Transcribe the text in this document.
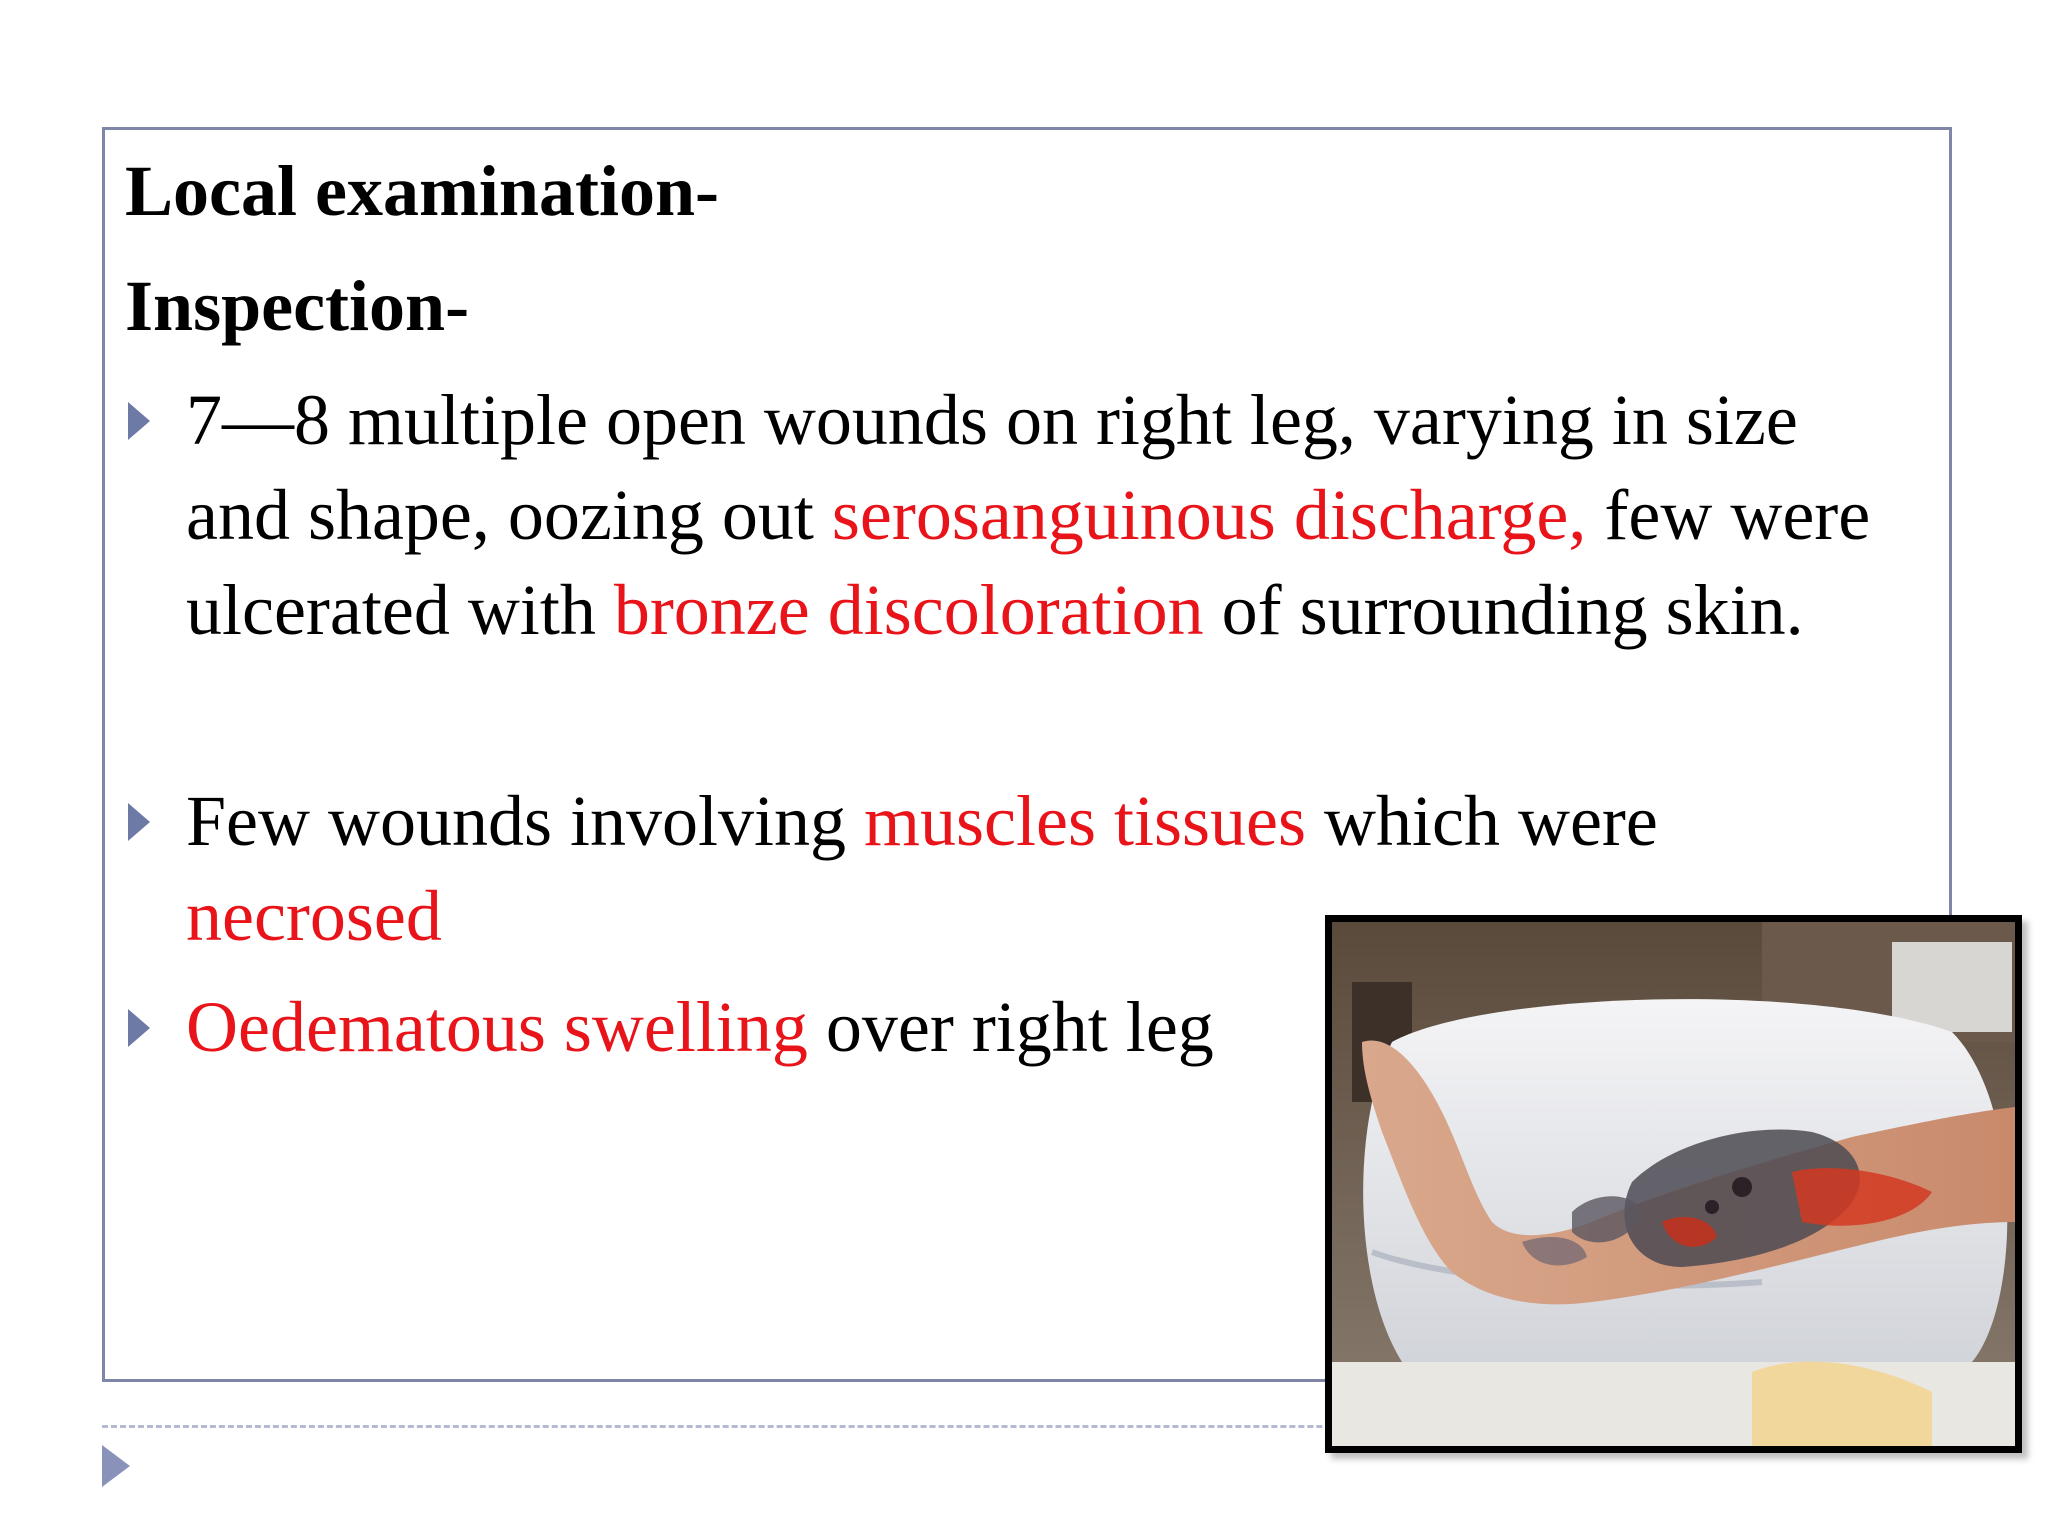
Local examination-
Inspection-

7—8 multiple open wounds on right leg, varying in size and shape, oozing out serosanguinous discharge, few were ulcerated with bronze discoloration of surrounding skin.

Few wounds involving muscles tissues which were
necrosed

Oedematous swelling over right leg
